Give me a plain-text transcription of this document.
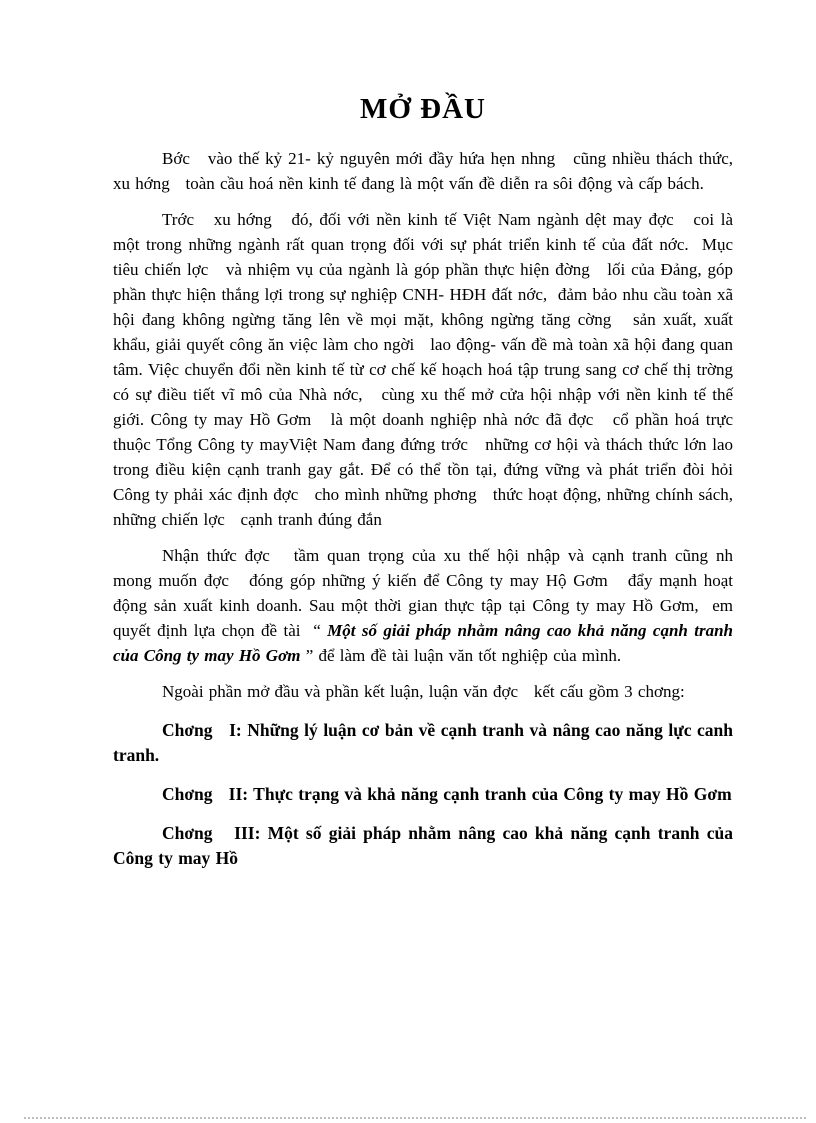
MỞ ĐẦU

Bớc   vào thế kỷ 21- kỷ nguyên mới đầy hứa hẹn nhng   cũng nhiều thách thức, xu hớng   toàn cầu hoá nền kinh tế đang là một vấn đề diễn ra sôi động và cấp bách.

Trớc   xu hớng   đó, đối với nền kinh tế Việt Nam ngành dệt may đợc   coi là một trong những ngành rất quan trọng đối với sự phát triển kinh tế của đất nớc.  Mục tiêu chiến lợc   và nhiệm vụ của ngành là góp phần thực hiện đờng   lối của Đảng, góp phần thực hiện thắng lợi trong sự nghiệp CNH- HĐH đất nớc,  đảm bảo nhu cầu toàn xã hội đang không ngừng tăng lên về mọi mặt, không ngừng tăng cờng   sản xuất, xuất khẩu, giải quyết công ăn việc làm cho ngời   lao động- vấn đề mà toàn xã hội đang quan tâm. Việc chuyển đổi nền kinh tế từ cơ chế kế hoạch hoá tập trung sang cơ chế thị trờng   có sự điều tiết vĩ mô của Nhà nớc,   cùng xu thế mở cửa hội nhập với nền kinh tế thế giới. Công ty may Hồ Gơm   là một doanh nghiệp nhà nớc đã đợc   cổ phần hoá trực thuộc Tổng Công ty mayViệt Nam đang đứng trớc   những cơ hội và thách thức lớn lao trong điều kiện cạnh tranh gay gắt. Để có thể tồn tại, đứng vững và phát triển đòi hỏi Công ty phải xác định đợc   cho mình những phơng   thức hoạt động, những chính sách, những chiến lợc   cạnh tranh đúng đắn

Nhận thức đợc   tầm quan trọng của xu thế hội nhập và cạnh tranh cũng nh   mong muốn đợc   đóng góp những ý kiến để Công ty may Hộ Gơm   đẩy mạnh hoạt động sản xuất kinh doanh. Sau một thời gian thực tập tại Công ty may Hồ Gơm,  em quyết định lựa chọn đề tài  “ Một số giải pháp nhằm nâng cao khả năng cạnh tranh  của Công ty may Hồ Gơm ” để làm đề tài luận văn tốt nghiệp của mình.

Ngoài phần mở đầu và phần kết luận, luận văn đợc   kết cấu gồm 3 chơng:

Chơng   I: Những lý luận cơ bản về cạnh tranh và nâng cao năng lực canh tranh.

Chơng   II: Thực trạng và khả năng cạnh tranh của Công ty may Hồ Gơm

Chơng   III: Một số giải pháp nhằm nâng cao khả năng cạnh tranh của Công ty may Hồ
